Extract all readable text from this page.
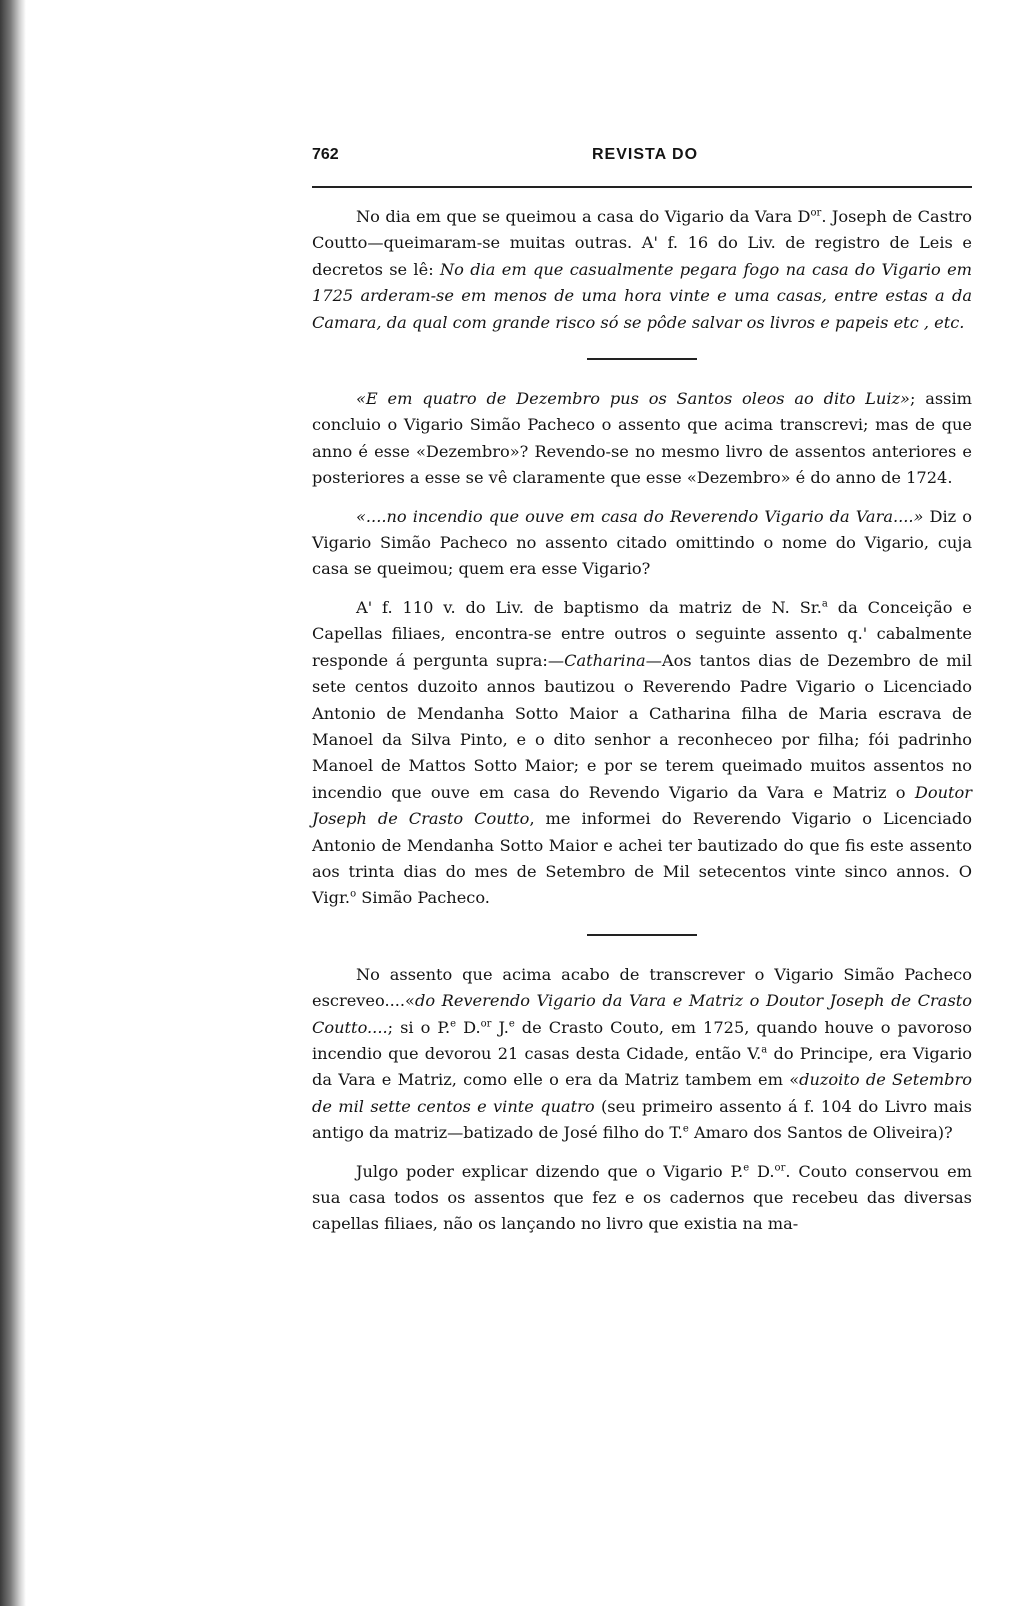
762	REVISTA DO

No dia em que se queimou a casa do Vigario da Vara $D^{or}$. Joseph de Castro Coutto—queimaram-se muitas outras. A' f. 16 do Liv. de registro de Leis e decretos se lê: No dia em que casualmente pegara fogo na casa do Vigario em 1725 arderam-se em menos de uma hora vinte e uma casas, entre estas a da Camara, da qual com grande risco só se pôde salvar os livros e papeis etc , etc.

«E em quatro de Dezembro pus os Santos oleos ao dito Luiz»; assim concluio o Vigario Simão Pacheco o assento que acima transcrevi; mas de que anno é esse «Dezembro»? Revendo-se no mesmo livro de assentos anteriores e posteriores a esse se vê claramente que esse «Dezembro» é do anno de 1724.

«....no incendio que ouve em casa do Reverendo Vigario da Vara....» Diz o Vigario Simão Pacheco no assento citado omittindo o nome do Vigario, cuja casa se queimou; quem era esse Vigario?

A' f. 110 v. do Liv. de baptismo da matriz de N. Sr.$^a$ da Conceição e Capellas filiaes, encontra-se entre outros o seguinte assento q.' cabalmente responde á pergunta supra:—Catharina—Aos tantos dias de Dezembro de mil sete centos duzoito annos bautizou o Reverendo Padre Vigario o Licenciado Antonio de Mendanha Sotto Maior a Catharina filha de Maria escrava de Manoel da Silva Pinto, e o dito senhor a reconheceo por filha; fói padrinho Manoel de Mattos Sotto Maior; e por se terem queimado muitos assentos no incendio que ouve em casa do Revendo Vigario da Vara e Matriz o Doutor Joseph de Crasto Coutto, me informei do Reverendo Vigario o Licenciado Antonio de Mendanha Sotto Maior e achei ter bautizado do que fis este assento aos trinta dias do mes de Setembro de Mil setecentos vinte sinco annos. O Vigr.$^o$ Simão Pacheco.

No assento que acima acabo de transcrever o Vigario Simão Pacheco escreveo....«do Reverendo Vigario da Vara e Matriz o Doutor Joseph de Crasto Coutto....; si o P.$^e$ D.$^{or}$ J.$^e$ de Crasto Couto, em 1725, quando houve o pavoroso incendio que devorou 21 casas desta Cidade, então V.$^a$ do Principe, era Vigario da Vara e Matriz, como elle o era da Matriz tambem em «duzoito de Setembro de mil sette centos e vinte quatro (seu primeiro assento á f. 104 do Livro mais antigo da matriz—batizado de José filho do T.$^e$ Amaro dos Santos de Oliveira)?

Julgo poder explicar dizendo que o Vigario P.$^e$ D.$^{or}$. Couto conservou em sua casa todos os assentos que fez e os cadernos que recebeu das diversas capellas filiaes, não os lançando no livro que existia na ma-
